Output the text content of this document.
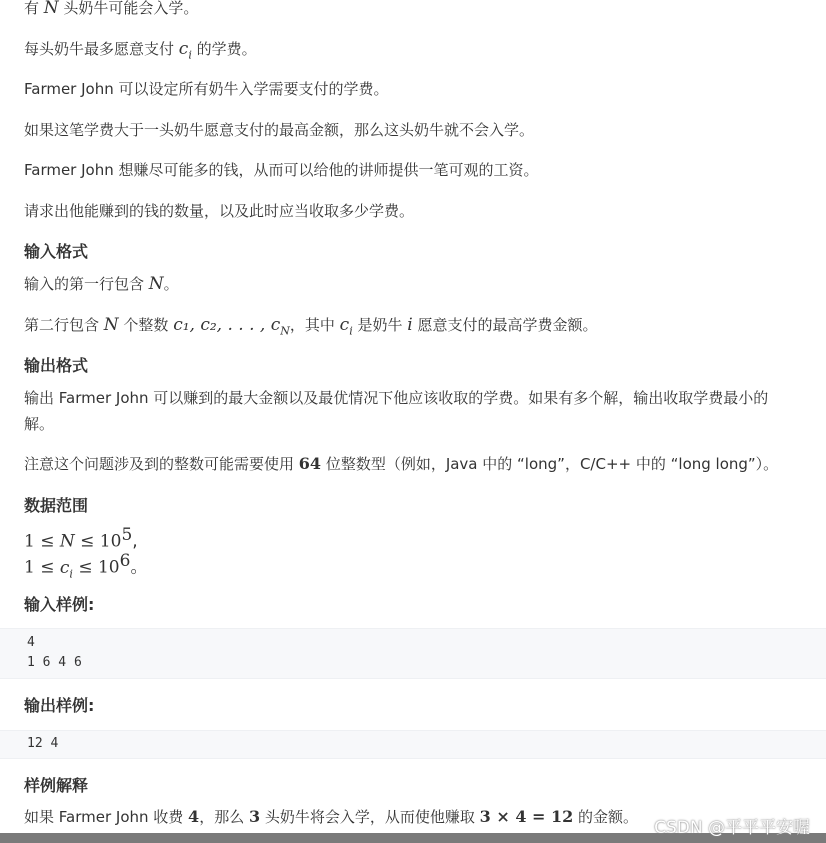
有 N 头奶牛可能会入学。

每头奶牛最多愿意支付 $c_i$ 的学费。

Farmer John 可以设定所有奶牛入学需要支付的学费。

如果这笔学费大于一头奶牛愿意支付的最高金额，那么这头奶牛就不会入学。

Farmer John 想赚尽可能多的钱，从而可以给他的讲师提供一笔可观的工资。

请求出他能赚到的钱的数量，以及此时应当收取多少学费。

输入格式

输入的第一行包含 N。

第二行包含 N 个整数 c₁, c₂, . . . , $c_N$，其中 $c_i$ 是奶牛 i 愿意支付的最高学费金额。

输出格式

输出 Farmer John 可以赚到的最大金额以及最优情况下他应该收取的学费。如果有多个解，输出收取学费最小的

解。

注意这个问题涉及到的整数可能需要使用 64 位整数型（例如，Java 中的 “long”，C/C++ 中的 “long long”）。

数据范围

$1 \le N \le 10^5$,

$1 \le c_i \le 10^6$。

输入样例:
4
1 6 4 6
输出样例:
12 4
样例解释

如果 Farmer John 收费 4，那么 3 头奶牛将会入学，从而使他赚取 3 × 4 = 12 的金额。

CSDN @平平平安喔
